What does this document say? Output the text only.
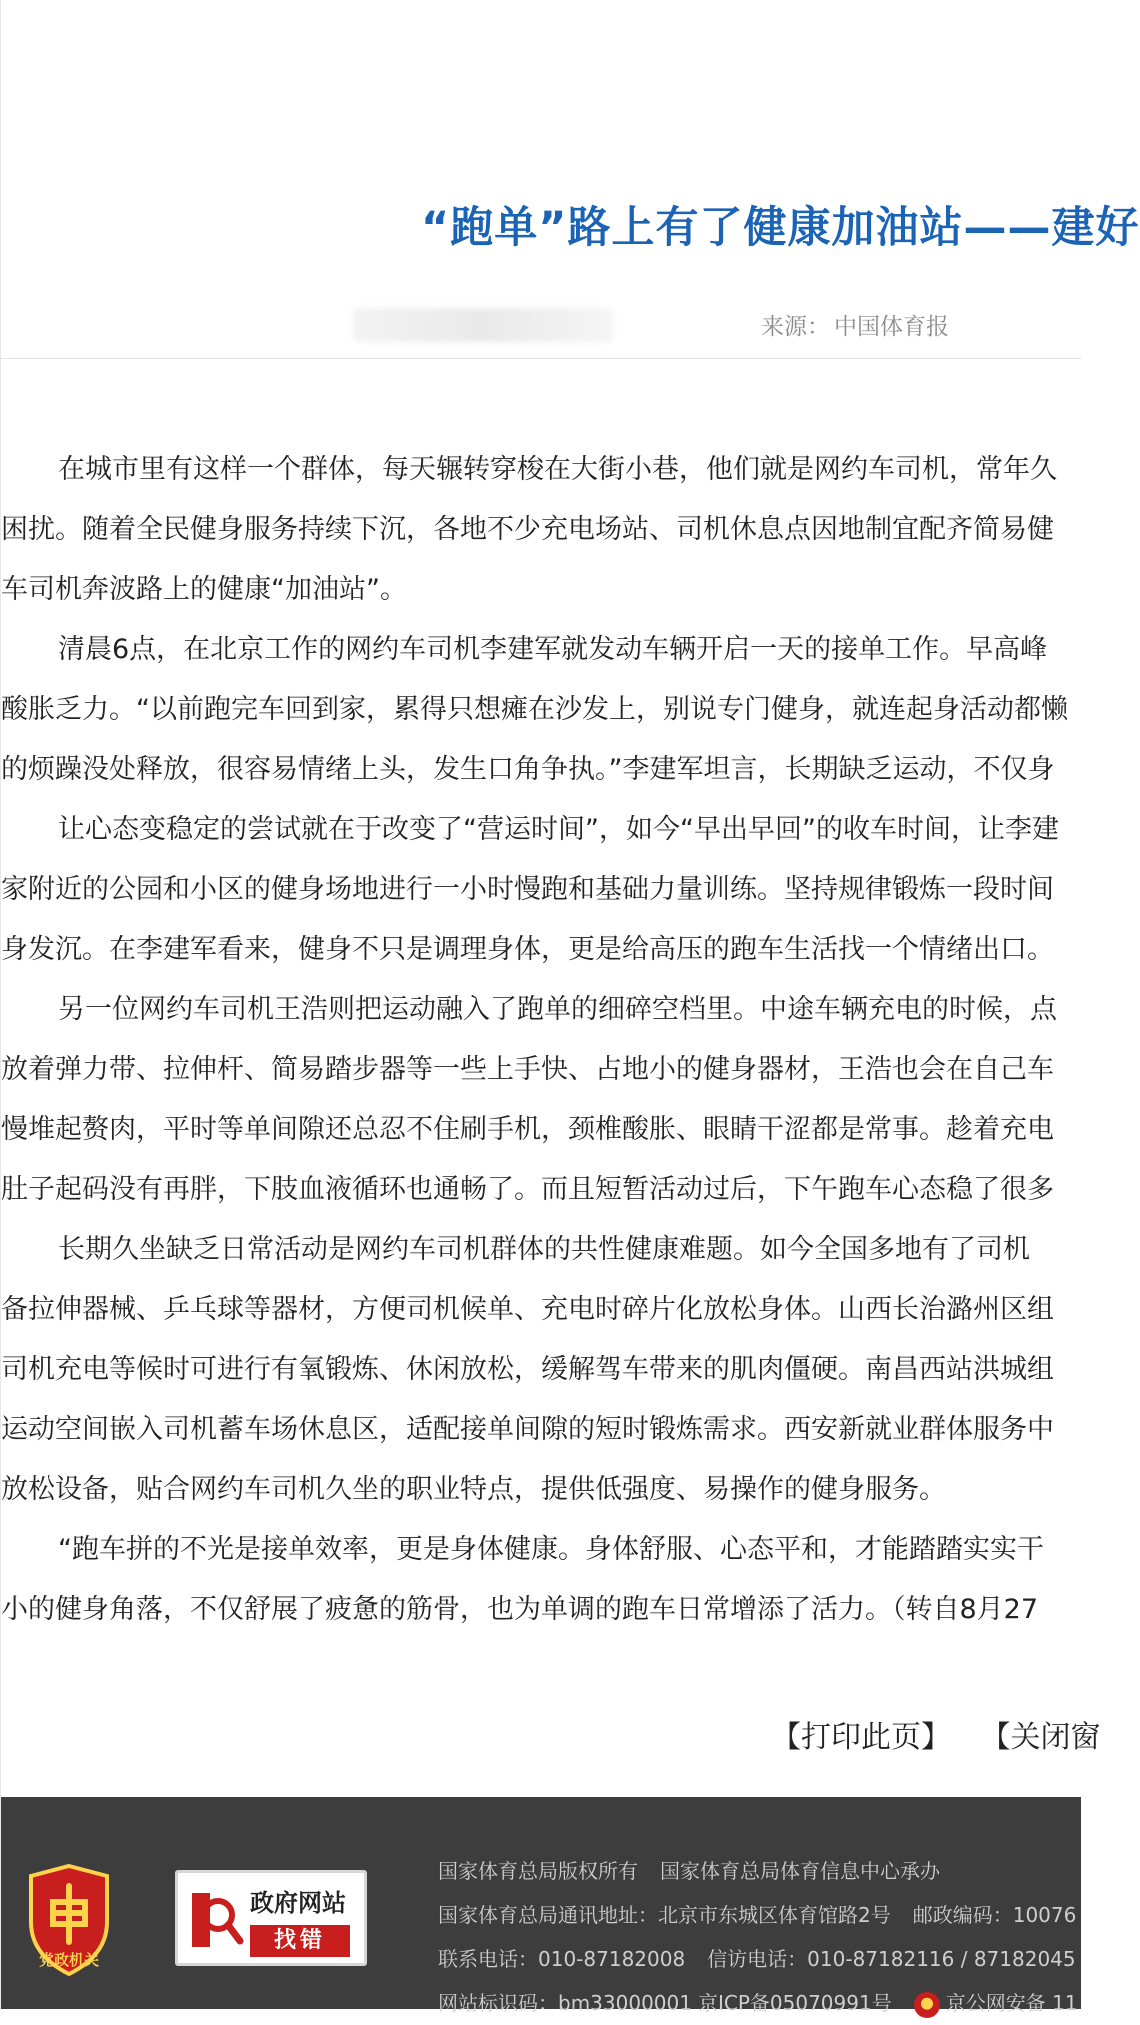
“跑单”路上有了健康加油站——建好
来源： 中国体育报

在城市里有这样一个群体，每天辗转穿梭在大街小巷，他们就是网约车司机，常年久

困扰。随着全民健身服务持续下沉，各地不少充电场站、司机休息点因地制宜配齐简易健

车司机奔波路上的健康“加油站”。

清晨6点，在北京工作的网约车司机李建军就发动车辆开启一天的接单工作。早高峰

酸胀乏力。“以前跑完车回到家，累得只想瘫在沙发上，别说专门健身，就连起身活动都懒

的烦躁没处释放，很容易情绪上头，发生口角争执。”李建军坦言，长期缺乏运动，不仅身

让心态变稳定的尝试就在于改变了“营运时间”，如今“早出早回”的收车时间，让李建

家附近的公园和小区的健身场地进行一小时慢跑和基础力量训练。坚持规律锻炼一段时间

身发沉。在李建军看来，健身不只是调理身体，更是给高压的跑车生活找一个情绪出口。

另一位网约车司机王浩则把运动融入了跑单的细碎空档里。中途车辆充电的时候，点

放着弹力带、拉伸杆、简易踏步器等一些上手快、占地小的健身器材，王浩也会在自己车

慢堆起赘肉，平时等单间隙还总忍不住刷手机，颈椎酸胀、眼睛干涩都是常事。趁着充电

肚子起码没有再胖，下肢血液循环也通畅了。而且短暂活动过后，下午跑车心态稳了很多

长期久坐缺乏日常活动是网约车司机群体的共性健康难题。如今全国多地有了司机

备拉伸器械、乒乓球等器材，方便司机候单、充电时碎片化放松身体。山西长治潞州区组

司机充电等候时可进行有氧锻炼、休闲放松，缓解驾车带来的肌肉僵硬。南昌西站洪城组

运动空间嵌入司机蓄车场休息区，适配接单间隙的短时锻炼需求。西安新就业群体服务中

放松设备，贴合网约车司机久坐的职业特点，提供低强度、易操作的健身服务。

“跑车拼的不光是接单效率，更是身体健康。身体舒服、心态平和，才能踏踏实实干

小的健身角落，不仅舒展了疲惫的筋骨，也为单调的跑车日常增添了活力。（转自8月27

【打印此页】 【关闭窗
党政机关
政府网站
找错
国家体育总局版权所有 国家体育总局体育信息中心承办
国家体育总局通讯地址：北京市东城区体育馆路2号 邮政编码：10076
联系电话：010-87182008 信访电话：010-87182116 / 87182045
网站标识码：bm33000001 京ICP备05070991号	京公网安备 11
